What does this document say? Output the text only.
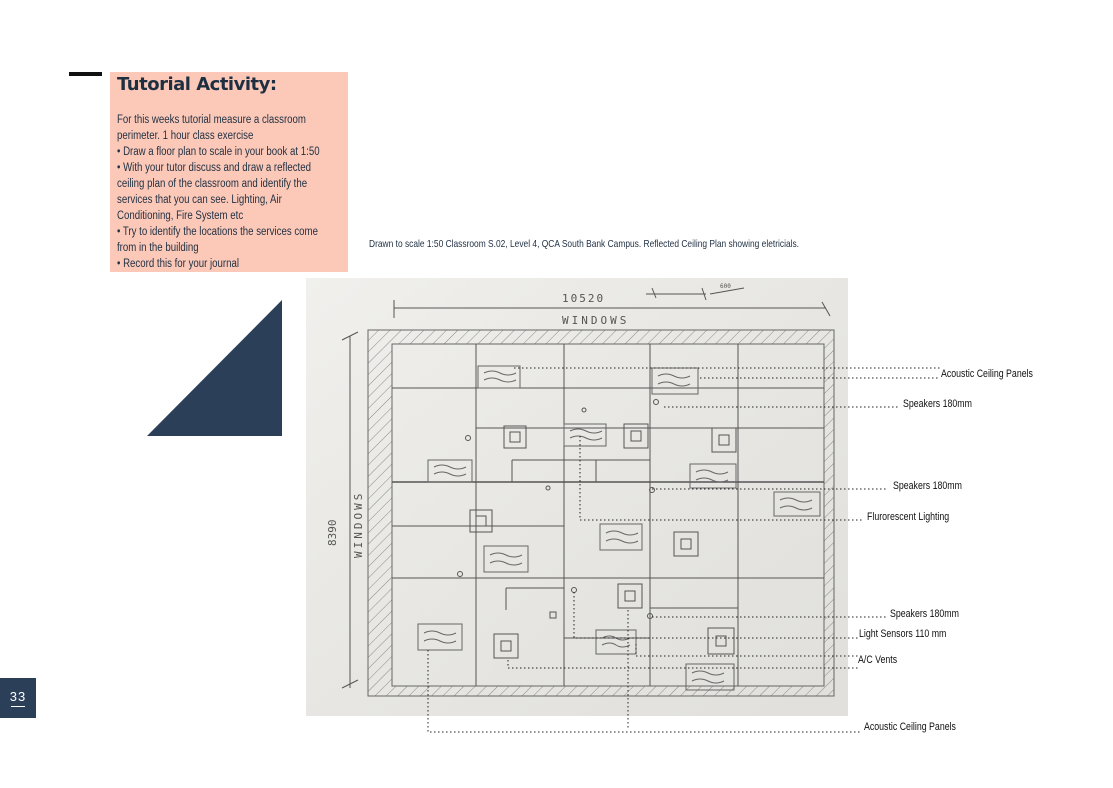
Tutorial Activity:
For this weeks tutorial measure a classroom
perimeter. 1 hour class exercise
• Draw a floor plan to scale in your book at 1:50
• With your tutor discuss and draw a reflected
ceiling plan of the classroom and identify the
services that you can see. Lighting, Air
Conditioning, Fire System etc
• Try to identify the locations the services come
from in the building
• Record this for your journal
Drawn to scale 1:50 Classroom S.02, Level 4, QCA South Bank Campus. Reflected Ceiling Plan showing eletricials.
10520
WINDOWS
600
8390 WINDOWS
Acoustic Ceiling Panels
Speakers 180mm
Speakers 180mm
Flurorescent Lighting
Speakers 180mm
Light Sensors 110 mm
A/C Vents
Acoustic Ceiling Panels
33
